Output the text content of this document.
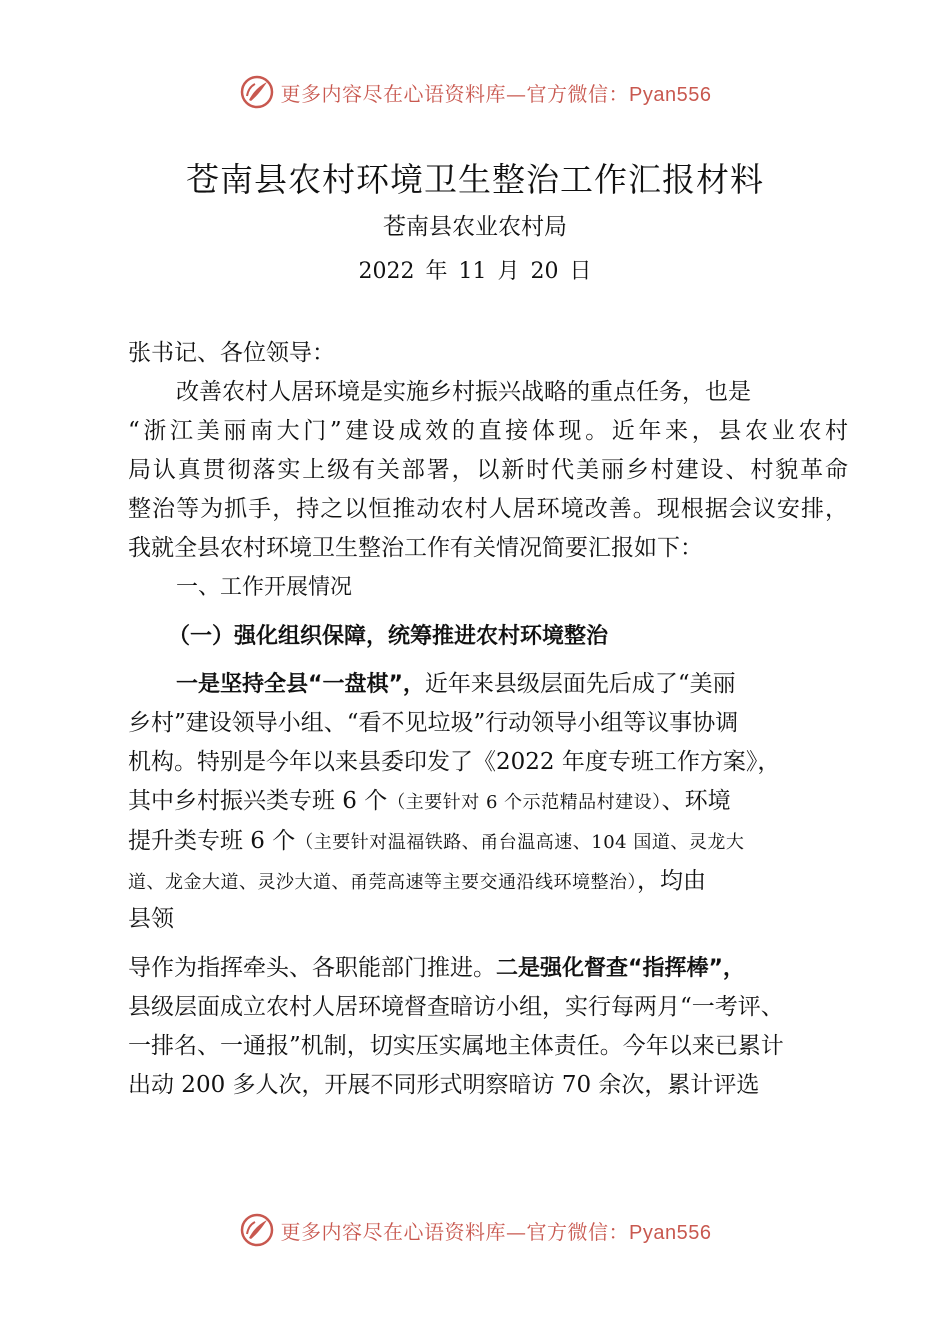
更多内容尽在心语资料库—官方微信：Pyan556
苍南县农村环境卫生整治工作汇报材料
苍南县农业农村局
2022 年 11 月 20 日
张书记、各位领导：
改善农村人居环境是实施乡村振兴战略的重点任务，也是
“浙江美丽南大门”建设成效的直接体现。近年来，县农业农村
局认真贯彻落实上级有关部署，以新时代美丽乡村建设、村貌革命
整治等为抓手，持之以恒推动农村人居环境改善。现根据会议安排，
我就全县农村环境卫生整治工作有关情况简要汇报如下：
一、工作开展情况
（一）强化组织保障，统筹推进农村环境整治
一是坚持全县“一盘棋”，近年来县级层面先后成了“美丽
乡村”建设领导小组、“看不见垃圾”行动领导小组等议事协调
机构。特别是今年以来县委印发了《2022 年度专班工作方案》，
其中乡村振兴类专班 6 个（主要针对 6 个示范精品村建设）、环境
提升类专班 6 个（主要针对温福铁路、甬台温高速、104 国道、灵龙大
道、龙金大道、灵沙大道、甬莞高速等主要交通沿线环境整治），均由
县领
导作为指挥牵头、各职能部门推进。二是强化督查“指挥棒”，
县级层面成立农村人居环境督查暗访小组，实行每两月“一考评、
一排名、一通报”机制，切实压实属地主体责任。今年以来已累计
出动 200 多人次，开展不同形式明察暗访 70 余次，累计评选
更多内容尽在心语资料库—官方微信：Pyan556
